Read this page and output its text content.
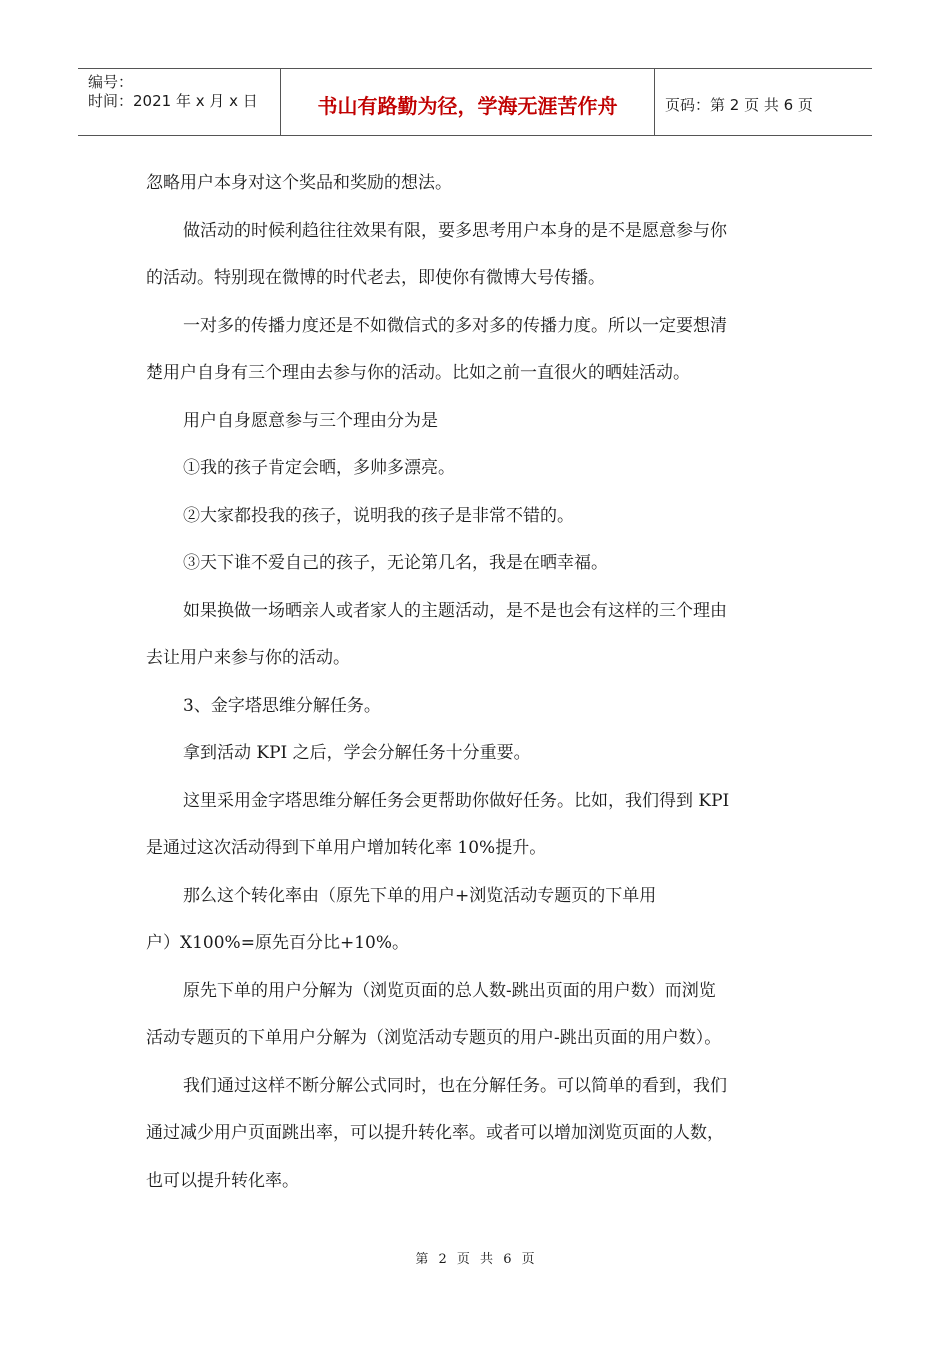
编号：
时间：2021 年 x 月 x 日	书山有路勤为径，学海无涯苦作舟	页码：第 2 页 共 6 页

忽略用户本身对这个奖品和奖励的想法。

做活动的时候利趋往往效果有限，要多思考用户本身的是不是愿意参与你

的活动。特别现在微博的时代老去，即使你有微博大号传播。

一对多的传播力度还是不如微信式的多对多的传播力度。所以一定要想清

楚用户自身有三个理由去参与你的活动。比如之前一直很火的晒娃活动。

用户自身愿意参与三个理由分为是

①我的孩子肯定会晒，多帅多漂亮。

②大家都投我的孩子，说明我的孩子是非常不错的。

③天下谁不爱自己的孩子，无论第几名，我是在晒幸福。

如果换做一场晒亲人或者家人的主题活动，是不是也会有这样的三个理由

去让用户来参与你的活动。

3、金字塔思维分解任务。

拿到活动 KPI 之后，学会分解任务十分重要。

这里采用金字塔思维分解任务会更帮助你做好任务。比如，我们得到 KPI

是通过这次活动得到下单用户增加转化率 10%提升。

那么这个转化率由（原先下单的用户+浏览活动专题页的下单用

户）X100%=原先百分比+10%。

原先下单的用户分解为（浏览页面的总人数-跳出页面的用户数）而浏览

活动专题页的下单用户分解为（浏览活动专题页的用户-跳出页面的用户数）。

我们通过这样不断分解公式同时，也在分解任务。可以简单的看到，我们

通过减少用户页面跳出率，可以提升转化率。或者可以增加浏览页面的人数，

也可以提升转化率。

第 2 页 共 6 页
